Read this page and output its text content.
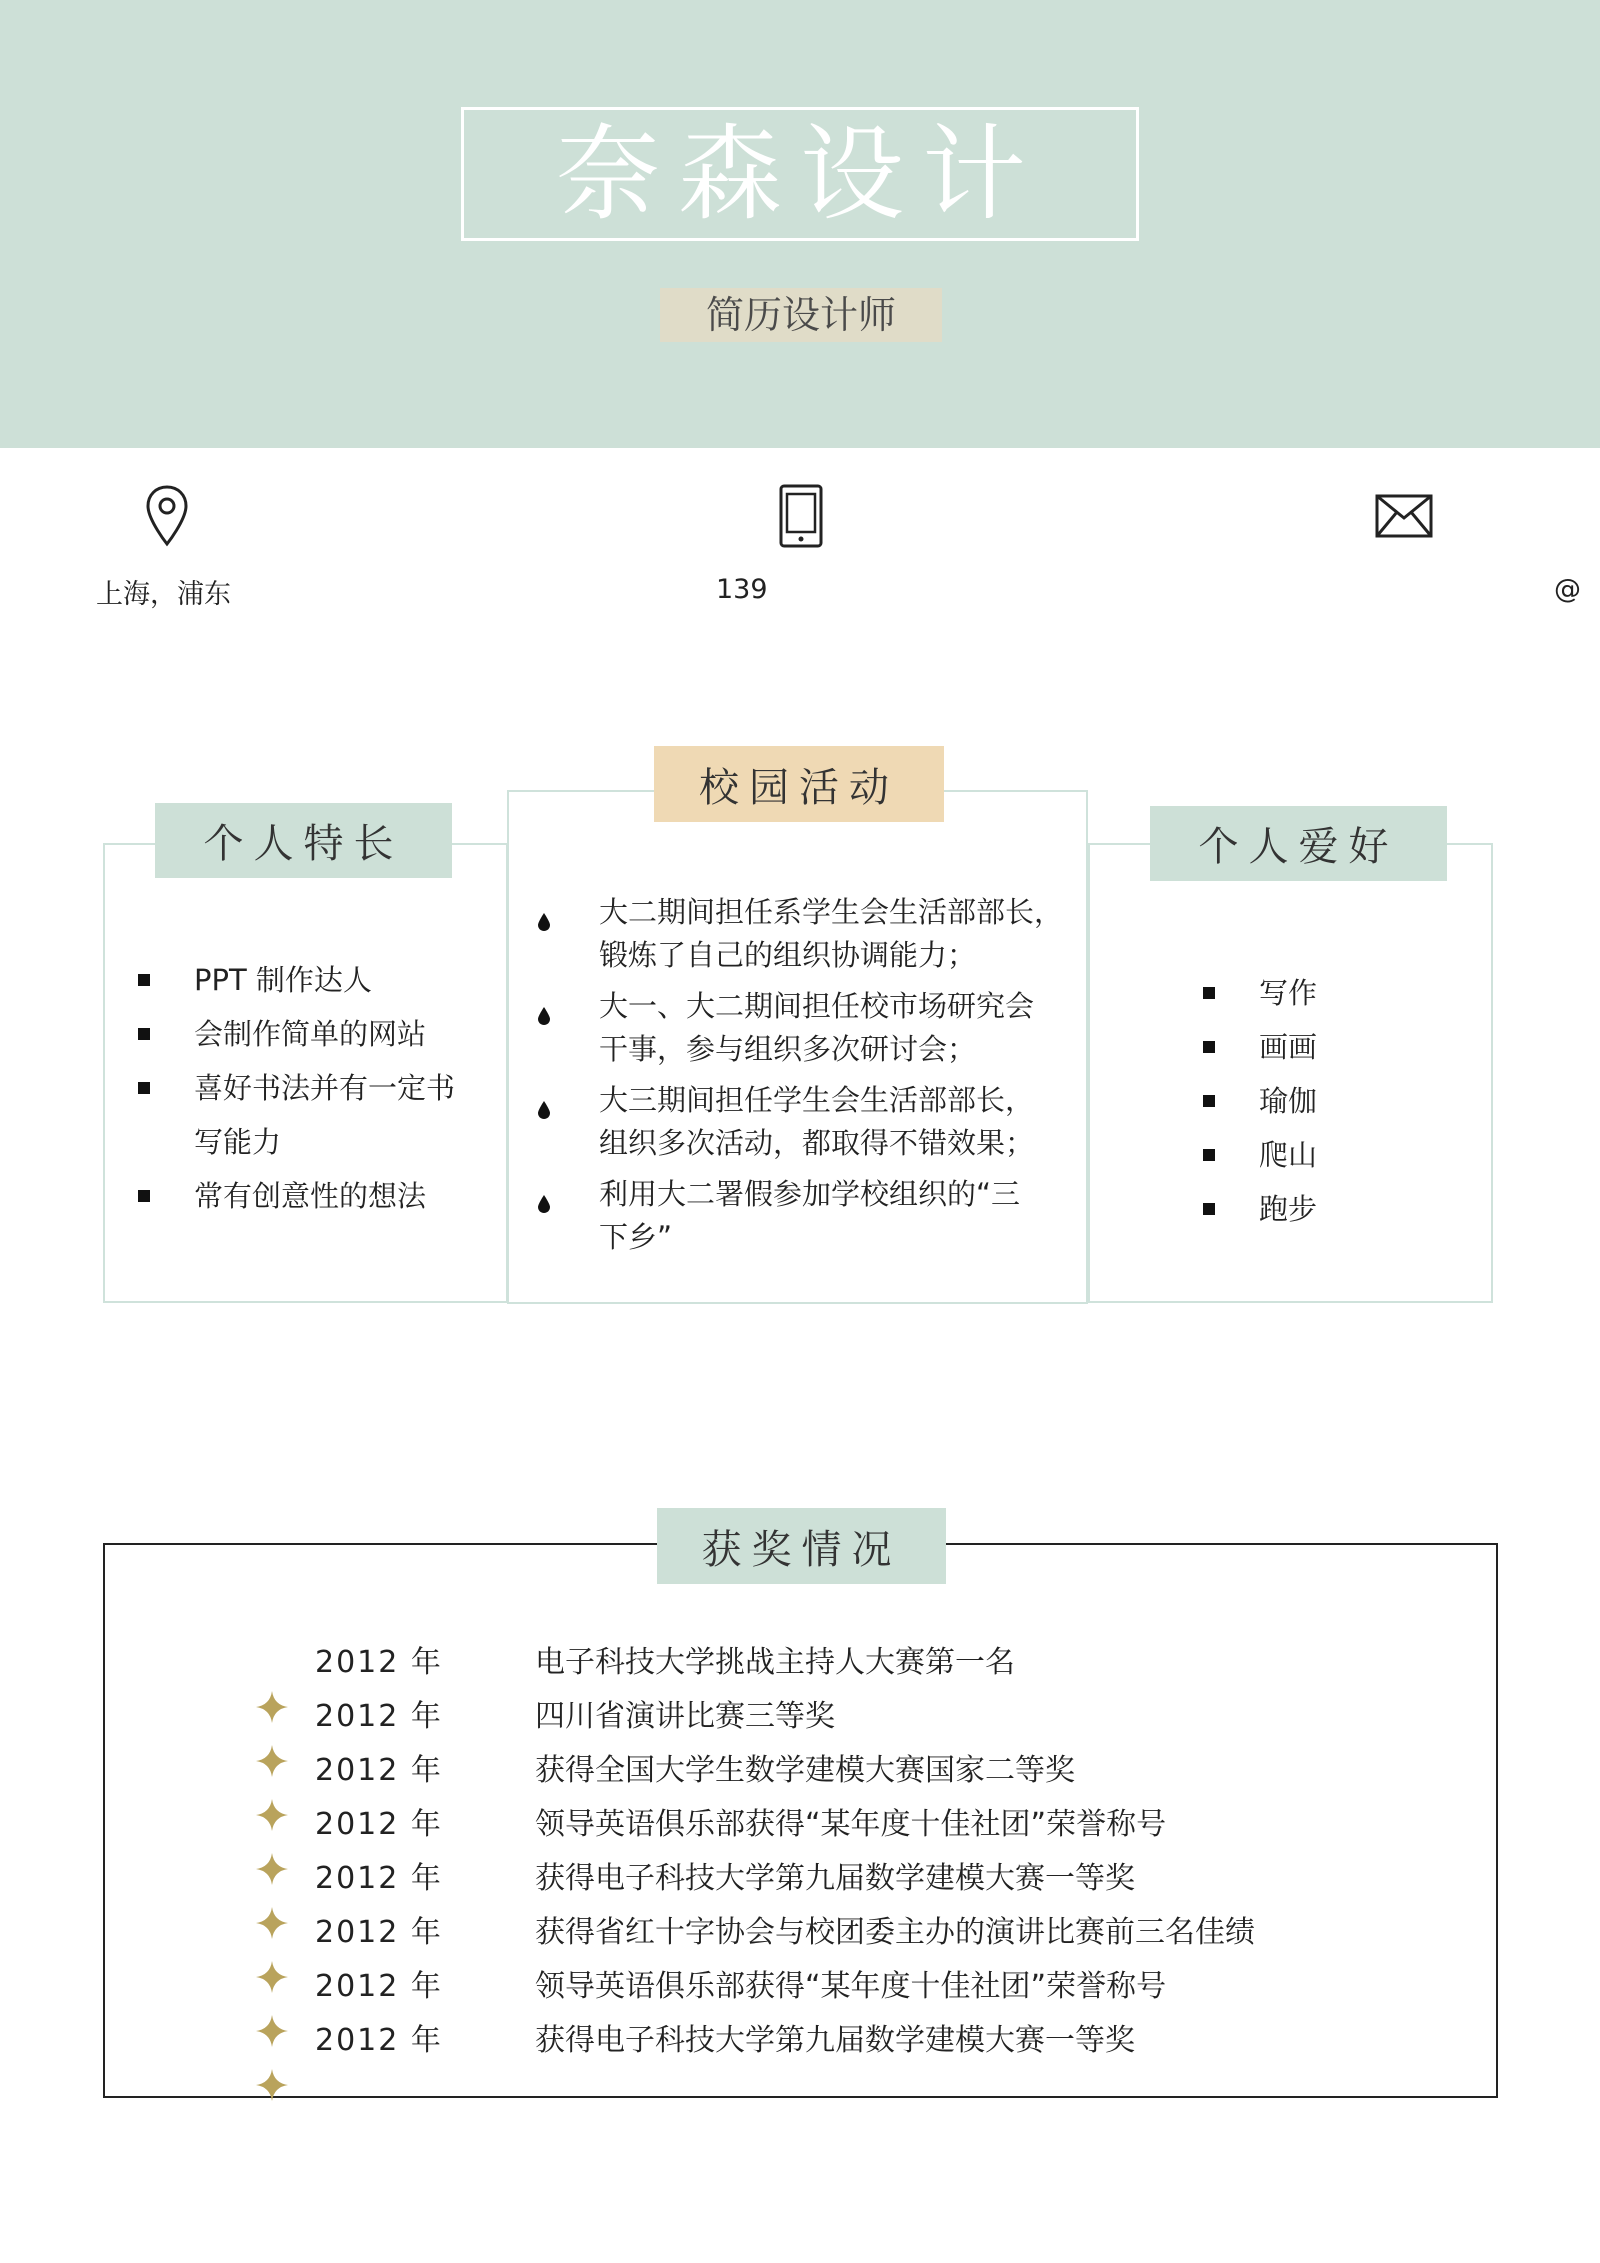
奈森设计
简历设计师
上海，浦东	139	@
个人特长
PPT 制作达人
会制作简单的网站
喜好书法并有一定书
写能力
常有创意性的想法
个人爱好
写作
画画
瑜伽
爬山
跑步
校园活动
大二期间担任系学生会生活部部长，
锻炼了自己的组织协调能力；
大一、大二期间担任校市场研究会
干事，参与组织多次研讨会；
大三期间担任学生会生活部部长，
组织多次活动，都取得不错效果；
利用大二署假参加学校组织的“三
下乡”
2012 年	电子科技大学挑战主持人大赛第一名
2012 年	四川省演讲比赛三等奖
2012 年	获得全国大学生数学建模大赛国家二等奖
2012 年	领导英语俱乐部获得“某年度十佳社团”荣誉称号
2012 年	获得电子科技大学第九届数学建模大赛一等奖
2012 年	获得省红十字协会与校团委主办的演讲比赛前三名佳绩
2012 年	领导英语俱乐部获得“某年度十佳社团”荣誉称号
2012 年	获得电子科技大学第九届数学建模大赛一等奖
获奖情况
